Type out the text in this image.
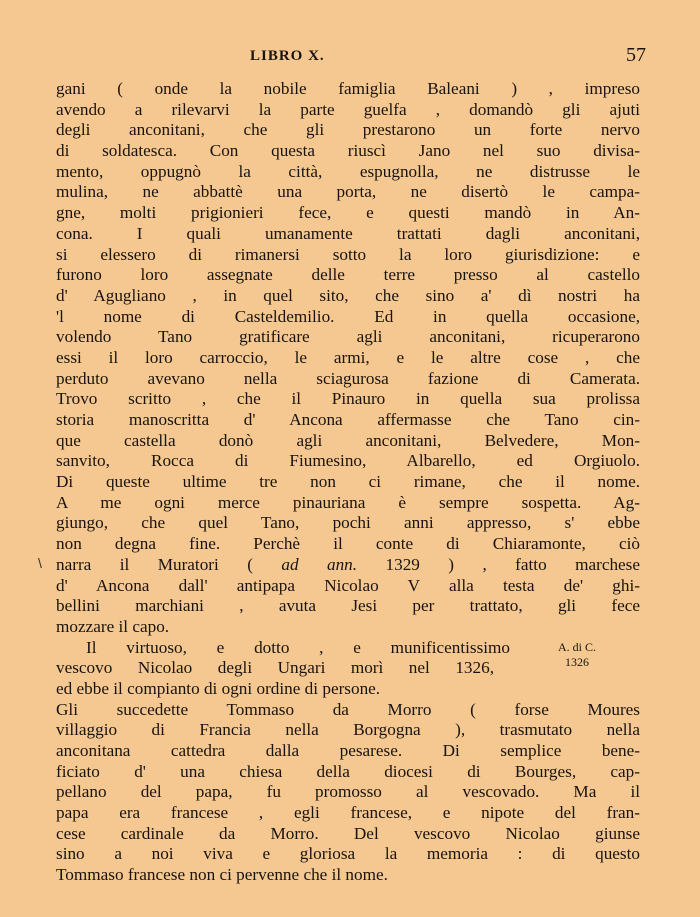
LIBRO X.	57
\
A. di C.
1326
gani ( onde la nobile famiglia Baleani ) , impreso
avendo a rilevarvi la parte guelfa , domandò gli ajuti
degli anconitani, che gli prestarono un forte nervo
di soldatesca. Con questa riuscì Jano nel suo divisa-
mento, oppugnò la città, espugnolla, ne distrusse le
mulina, ne abbattè una porta, ne disertò le campa-
gne, molti prigionieri fece, e questi mandò in An-
cona. I quali umanamente trattati dagli anconitani,
si elessero di rimanersi sotto la loro giurisdizione: e
furono loro assegnate delle terre presso al castello
d' Agugliano , in quel sito, che sino a' dì nostri ha
'l nome di Casteldemilio. Ed in quella occasione,
volendo Tano gratificare agli anconitani, ricuperarono
essi il loro carroccio, le armi, e le altre cose , che
perduto avevano nella sciagurosa fazione di Camerata.
Trovo scritto , che il Pinauro in quella sua prolissa
storia manoscritta d' Ancona affermasse che Tano cin-
que castella donò agli anconitani, Belvedere, Mon-
sanvito, Rocca di Fiumesino, Albarello, ed Orgiuolo.
Di queste ultime tre non ci rimane, che il nome.
A me ogni merce pinauriana è sempre sospetta. Ag-
giungo, che quel Tano, pochi anni appresso, s' ebbe
non degna fine. Perchè il conte di Chiaramonte, ciò
narra il Muratori ( ad ann. 1329 ) , fatto marchese
d' Ancona dall' antipapa Nicolao V alla testa de' ghi-
bellini marchiani , avuta Jesi per trattato, gli fece
mozzare il capo.
Il virtuoso, e dotto , e munificentissimo
vescovo Nicolao degli Ungari morì nel 1326,
ed ebbe il compianto di ogni ordine di persone.
Gli succedette Tommaso da Morro ( forse Moures
villaggio di Francia nella Borgogna ), trasmutato nella
anconitana cattedra dalla pesarese. Di semplice bene-
ficiato d' una chiesa della diocesi di Bourges, cap-
pellano del papa, fu promosso al vescovado. Ma il
papa era francese , egli francese, e nipote del fran-
cese cardinale da Morro. Del vescovo Nicolao giunse
sino a noi viva e gloriosa la memoria : di questo
Tommaso francese non ci pervenne che il nome.
